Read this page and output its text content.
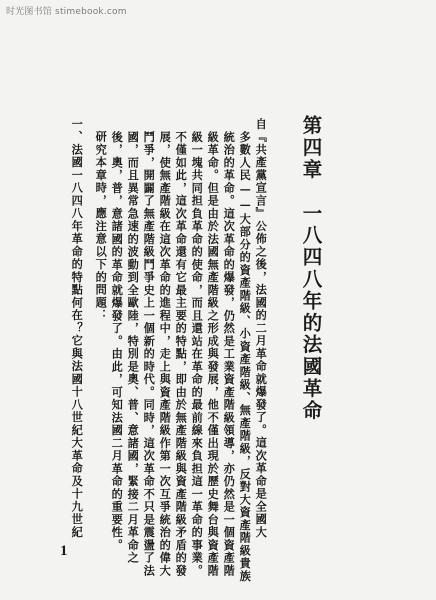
时光图书馆 stimebook.com
第四章　一八四八年的法國革命
自『共產黨宣言』公佈之後，法國的二月革命就爆發了。這次革命是全國大
多數人民——大部分的資產階級、小資產階級、無產階級，反對大資產階級貴族
統治的革命。這次革命的爆發，仍然是工業資產階級領導，亦仍然是一個資產階
級革命。但是由於法國無產階級之形成與發展，他不僅出現於歷史舞台與資產階
級一塊共同担負革命的使命，而且還站在革命的最前線來負担這一革命的事業。
不僅如此，這次革命還有它最主要的特點，即由於無產階級與資產階級矛盾的發
展，使無產階級在這次革命的進程中，走上與資產階級作第一次互爭統治的偉大
鬥爭，開闢了無產階級鬥爭史上一個新的時代。同時，這次革命不只是震盪了法
國，而且異常急速的波動到全歐陸，特別是奧、普、意諸國，緊接二月革命之
後，奧，普，意諸國的革命就爆發了。由此，可知法國二月革命的重要性。
　研究本章時，應注意以下的問題：
一、法國一八四八年革命的特點何在？它與法國十八世紀大革命及十九世紀
1
